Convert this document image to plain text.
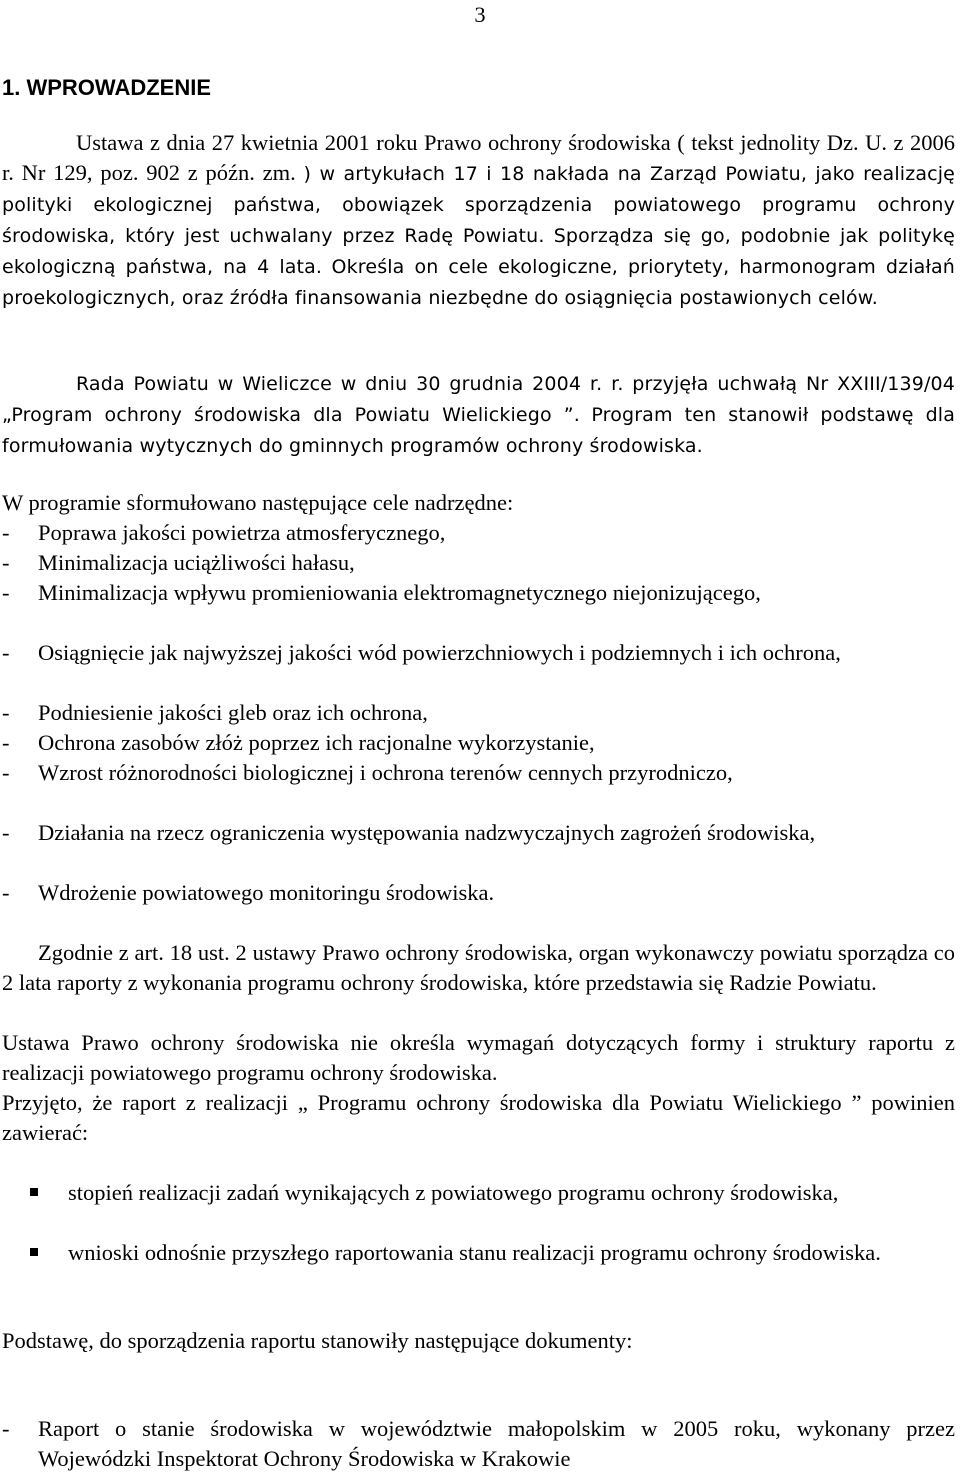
3
1. WPROWADZENIE

Ustawa z dnia 27 kwietnia 2001 roku Prawo ochrony środowiska ( tekst jednolity Dz. U. z 2006 r. Nr 129, poz. 902 z późn. zm. ) w artykułach 17 i 18 nakłada na Zarząd Powiatu, jako realizację polityki ekologicznej państwa, obowiązek sporządzenia powiatowego programu ochrony środowiska, który jest uchwalany przez Radę Powiatu. Sporządza się go, podobnie jak politykę ekologiczną państwa, na 4 lata. Określa on cele ekologiczne, priorytety, harmonogram działań proekologicznych, oraz źródła finansowania niezbędne do osiągnięcia postawionych celów.

Rada Powiatu w Wieliczce w dniu 30 grudnia 2004 r. r. przyjęła uchwałą Nr XXIII/139/04 „Program ochrony środowiska dla Powiatu Wielickiego ”. Program ten stanowił podstawę dla formułowania wytycznych do gminnych programów ochrony środowiska.

W programie sformułowano następujące cele nadrzędne:

-	Poprawa jakości powietrza atmosferycznego,
-	Minimalizacja uciążliwości hałasu,
-	Minimalizacja wpływu promieniowania elektromagnetycznego niejonizującego,
-	Osiągnięcie jak najwyższej jakości wód powierzchniowych i podziemnych i ich ochrona,
-	Podniesienie jakości gleb oraz ich ochrona,
-	Ochrona zasobów złóż poprzez ich racjonalne wykorzystanie,
-	Wzrost różnorodności biologicznej i ochrona terenów cennych przyrodniczo,
-	Działania na rzecz ograniczenia występowania nadzwyczajnych zagrożeń środowiska,
-	Wdrożenie powiatowego monitoringu środowiska.

Zgodnie z art. 18 ust. 2 ustawy Prawo ochrony środowiska, organ wykonawczy powiatu sporządza co 2 lata raporty z wykonania programu ochrony środowiska, które przedstawia się Radzie Powiatu.

Ustawa Prawo ochrony środowiska nie określa wymagań dotyczących formy i struktury raportu z realizacji powiatowego programu ochrony środowiska.

Przyjęto, że raport z realizacji „ Programu ochrony środowiska dla Powiatu Wielickiego ” powinien zawierać:

stopień realizacji zadań wynikających z powiatowego programu ochrony środowiska,
wnioski odnośnie przyszłego raportowania stanu realizacji programu ochrony środowiska.

Podstawę, do sporządzenia raportu stanowiły następujące dokumenty:

-	Raport o stanie środowiska w województwie małopolskim w 2005 roku, wykonany przez Wojewódzki Inspektorat Ochrony Środowiska w Krakowie
